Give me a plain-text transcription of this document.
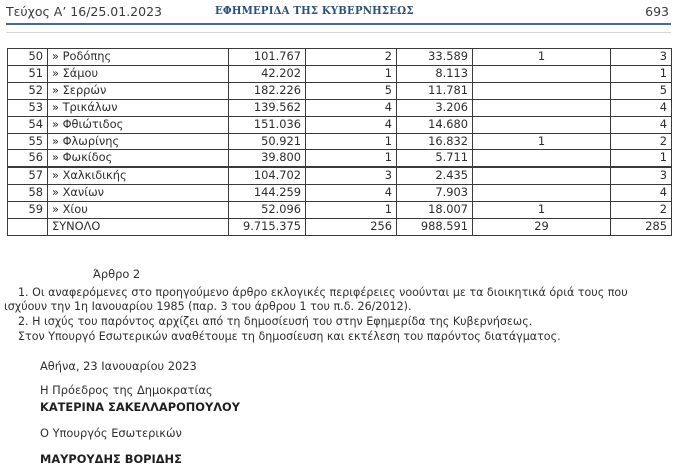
Τεύχος Α’ 16/25.01.2023	ΕΦΗΜΕΡΙΔΑ ΤΗΣ ΚΥΒΕΡΝΗΣΕΩΣ	693
50	» Ροδόπης	101.767	2	33.589	1	3
51	» Σάμου	42.202	1	8.113		1
52	» Σερρών	182.226	5	11.781		5
53	» Τρικάλων	139.562	4	3.206		4
54	» Φθιώτιδος	151.036	4	14.680		4
55	» Φλωρίνης	50.921	1	16.832	1	2
56	» Φωκίδος	39.800	1	5.711		1
57	» Χαλκιδικής	104.702	3	2.435		3
58	» Χανίων	144.259	4	7.903		4
59	» Χίου	52.096	1	18.007	1	2
	ΣΥΝΟΛΟ	9.715.375	256	988.591	29	285
Άρθρο 2
1. Οι αναφερόμενες στο προηγούμενο άρθρο εκλογικές περιφέρειες νοούνται με τα διοικητικά όριά τους που
ισχύουν την 1η Ιανουαρίου 1985 (παρ. 3 του άρθρου 1 του π.δ. 26/2012).
2. Η ισχύς του παρόντος αρχίζει από τη δημοσίευσή του στην Εφημερίδα της Κυβερνήσεως.
Στον Υπουργό Εσωτερικών αναθέτουμε τη δημοσίευση και εκτέλεση του παρόντος διατάγματος.
Αθήνα, 23 Ιανουαρίου 2023
Η Πρόεδρος της Δημοκρατίας
ΚΑΤΕΡΙΝΑ ΣΑΚΕΛΛΑΡΟΠΟΥΛΟΥ
Ο Υπουργός Εσωτερικών
ΜΑΥΡΟΥΔΗΣ ΒΟΡΙΔΗΣ
